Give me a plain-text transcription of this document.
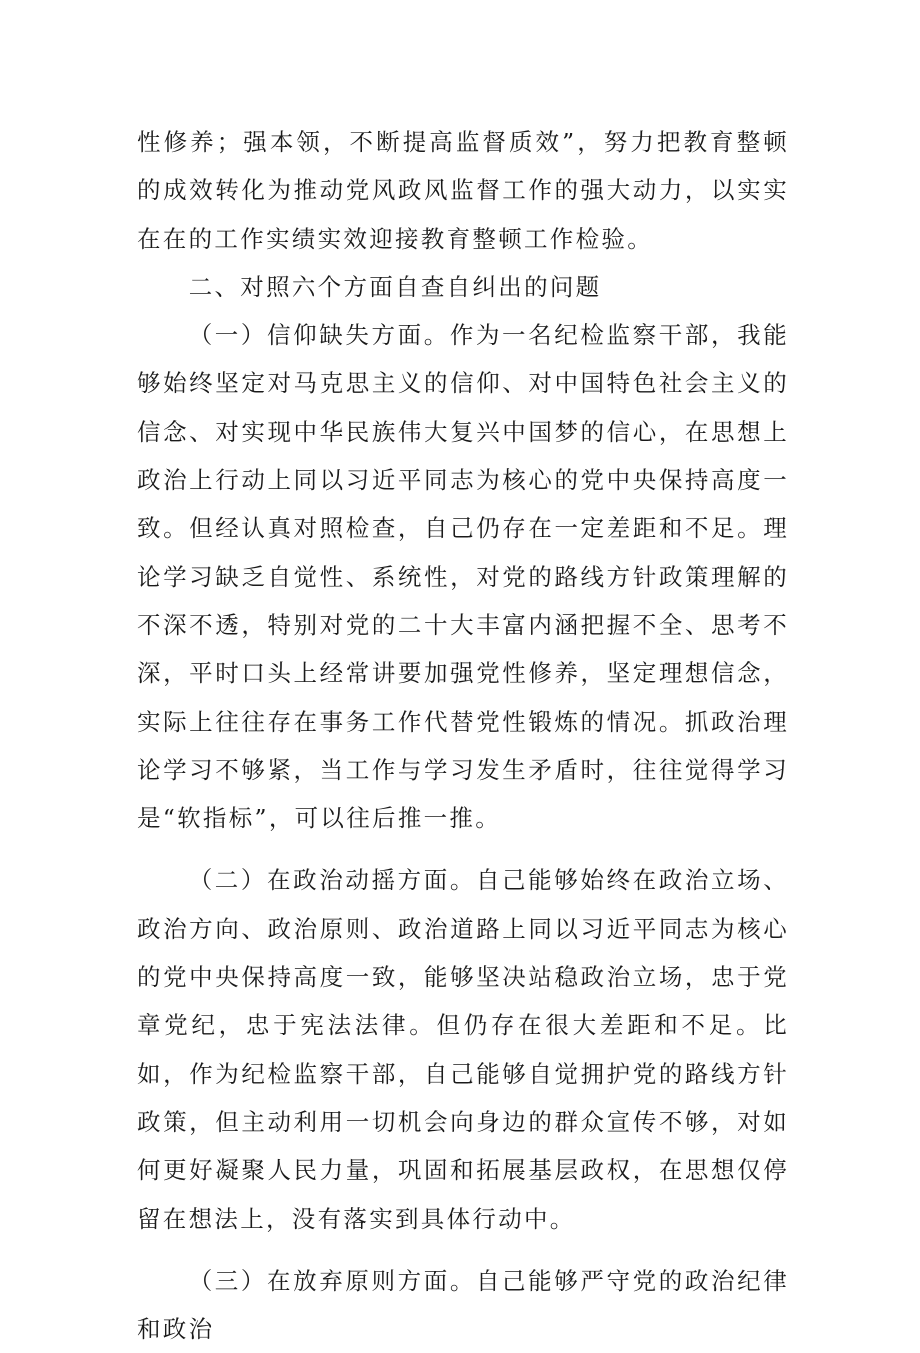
性修养；强本领，不断提高监督质效”，努力把教育整顿的成效转化为推动党风政风监督工作的强大动力，以实实在在的工作实绩实效迎接教育整顿工作检验。

二、对照六个方面自查自纠出的问题

（一）信仰缺失方面。作为一名纪检监察干部，我能够始终坚定对马克思主义的信仰、对中国特色社会主义的信念、对实现中华民族伟大复兴中国梦的信心，在思想上政治上行动上同以习近平同志为核心的党中央保持高度一致。但经认真对照检查，自己仍存在一定差距和不足。理论学习缺乏自觉性、系统性，对党的路线方针政策理解的不深不透，特别对党的二十大丰富内涵把握不全、思考不深，平时口头上经常讲要加强党性修养，坚定理想信念，实际上往往存在事务工作代替党性锻炼的情况。抓政治理论学习不够紧，当工作与学习发生矛盾时，往往觉得学习是“软指标”，可以往后推一推。

（二）在政治动摇方面。自己能够始终在政治立场、政治方向、政治原则、政治道路上同以习近平同志为核心的党中央保持高度一致，能够坚决站稳政治立场，忠于党章党纪，忠于宪法法律。但仍存在很大差距和不足。比如，作为纪检监察干部，自己能够自觉拥护党的路线方针政策，但主动利用一切机会向身边的群众宣传不够，对如何更好凝聚人民力量，巩固和拓展基层政权，在思想仅停留在想法上，没有落实到具体行动中。

（三）在放弃原则方面。自己能够严守党的政治纪律和政治
